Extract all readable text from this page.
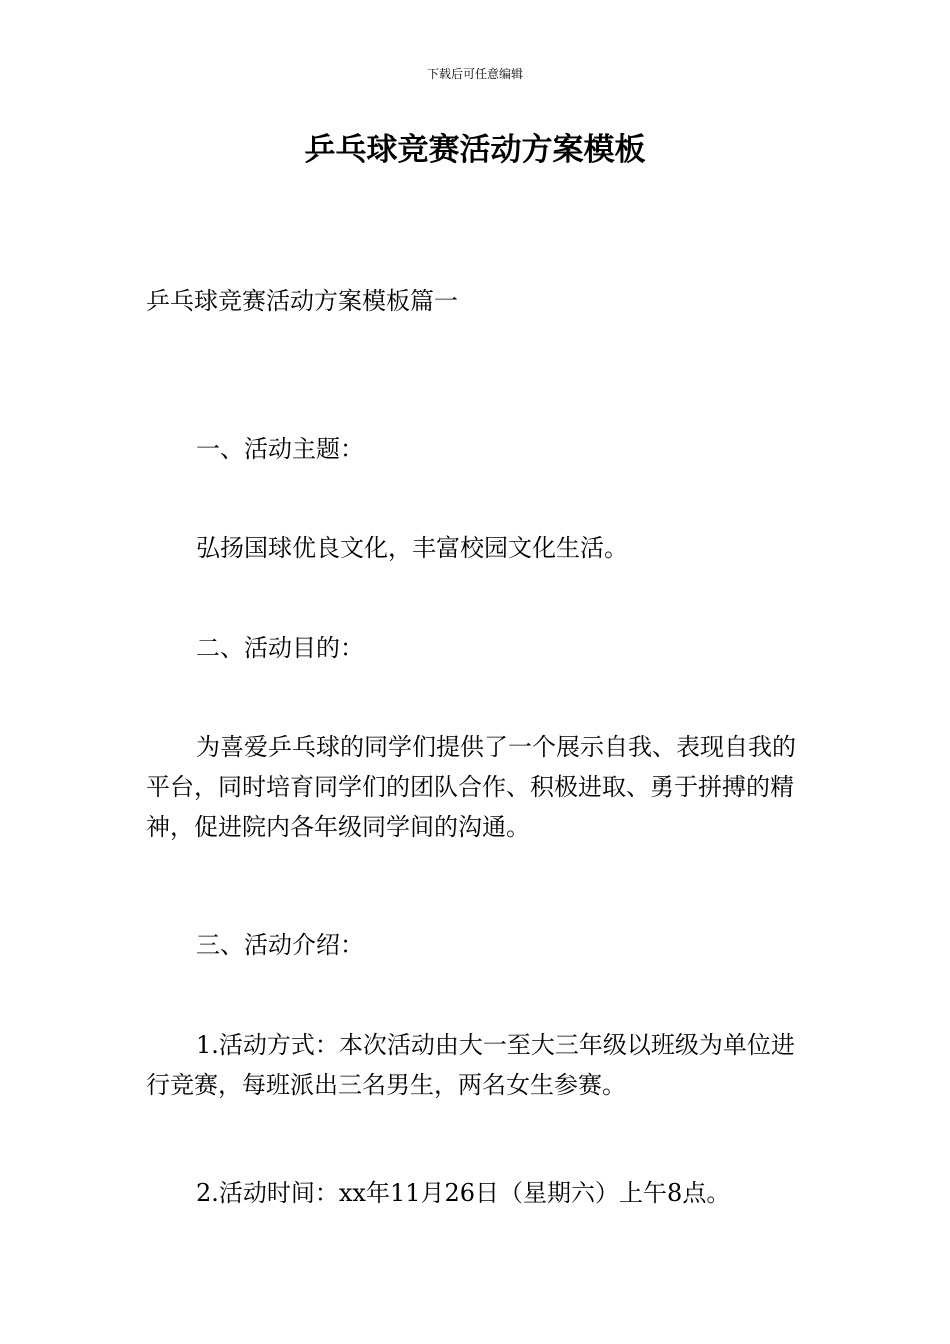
下载后可任意编辑
乒乓球竞赛活动方案模板

乒乓球竞赛活动方案模板篇一

一、活动主题：

弘扬国球优良文化，丰富校园文化生活。

二、活动目的：

为喜爱乒乓球的同学们提供了一个展示自我、表现自我的平台，同时培育同学们的团队合作、积极进取、勇于拼搏的精神，促进院内各年级同学间的沟通。

三、活动介绍：

1.活动方式：本次活动由大一至大三年级以班级为单位进行竞赛，每班派出三名男生，两名女生参赛。

2.活动时间：xx年11月26日（星期六）上午8点。
